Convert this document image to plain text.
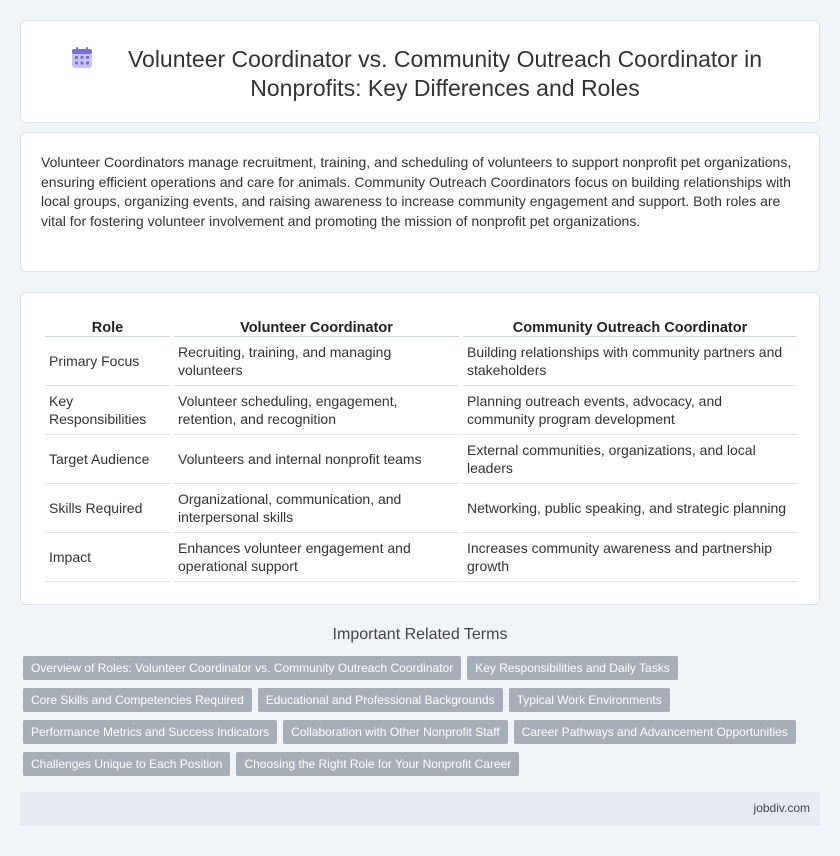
Volunteer Coordinator vs. Community Outreach Coordinator in Nonprofits: Key Differences and Roles

Volunteer Coordinators manage recruitment, training, and scheduling of volunteers to support nonprofit pet organizations, ensuring efficient operations and care for animals. Community Outreach Coordinators focus on building relationships with local groups, organizing events, and raising awareness to increase community engagement and support. Both roles are vital for fostering volunteer involvement and promoting the mission of nonprofit pet organizations.

Role	Volunteer Coordinator	Community Outreach Coordinator
Primary Focus	Recruiting, training, and managing volunteers	Building relationships with community partners and stakeholders
Key Responsibilities	Volunteer scheduling, engagement, retention, and recognition	Planning outreach events, advocacy, and community program development
Target Audience	Volunteers and internal nonprofit teams	External communities, organizations, and local leaders
Skills Required	Organizational, communication, and interpersonal skills	Networking, public speaking, and strategic planning
Impact	Enhances volunteer engagement and operational support	Increases community awareness and partnership growth
Important Related Terms
Overview of Roles: Volunteer Coordinator vs. Community Outreach Coordinator	Key Responsibilities and Daily Tasks
Core Skills and Competencies Required	Educational and Professional Backgrounds	Typical Work Environments
Performance Metrics and Success Indicators	Collaboration with Other Nonprofit Staff	Career Pathways and Advancement Opportunities
Challenges Unique to Each Position	Choosing the Right Role for Your Nonprofit Career
jobdiv.com
